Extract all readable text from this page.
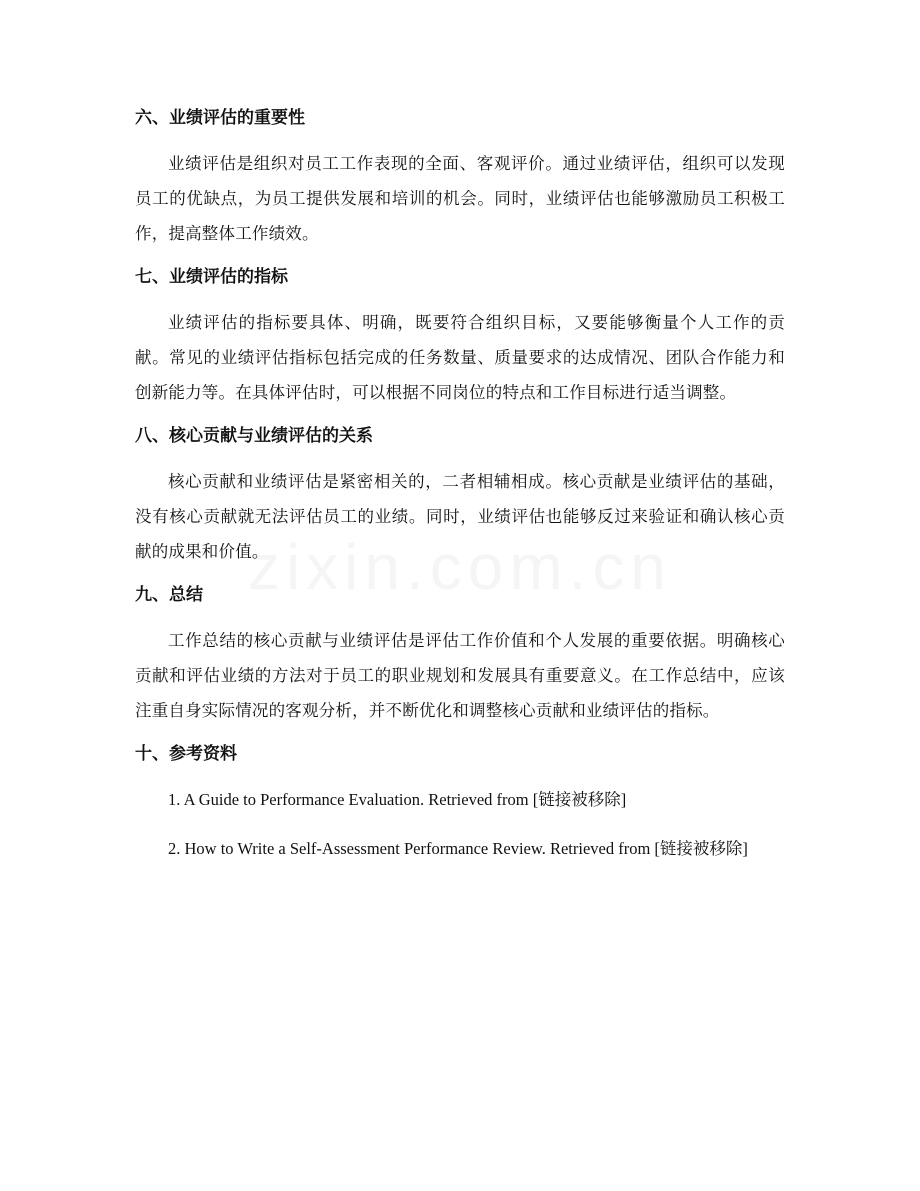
zixin.com.cn
六、业绩评估的重要性

业绩评估是组织对员工工作表现的全面、客观评价。通过业绩评估，组织可以发现员工的优缺点，为员工提供发展和培训的机会。同时，业绩评估也能够激励员工积极工作，提高整体工作绩效。

七、业绩评估的指标

业绩评估的指标要具体、明确，既要符合组织目标，又要能够衡量个人工作的贡献。常见的业绩评估指标包括完成的任务数量、质量要求的达成情况、团队合作能力和创新能力等。在具体评估时，可以根据不同岗位的特点和工作目标进行适当调整。

八、核心贡献与业绩评估的关系

核心贡献和业绩评估是紧密相关的，二者相辅相成。核心贡献是业绩评估的基础，没有核心贡献就无法评估员工的业绩。同时，业绩评估也能够反过来验证和确认核心贡献的成果和价值。

九、总结

工作总结的核心贡献与业绩评估是评估工作价值和个人发展的重要依据。明确核心贡献和评估业绩的方法对于员工的职业规划和发展具有重要意义。在工作总结中，应该注重自身实际情况的客观分析，并不断优化和调整核心贡献和业绩评估的指标。

十、参考资料
1. A Guide to Performance Evaluation. Retrieved from [链接被移除]
2. How to Write a Self-Assessment Performance Review. Retrieved from [链接被移除]
